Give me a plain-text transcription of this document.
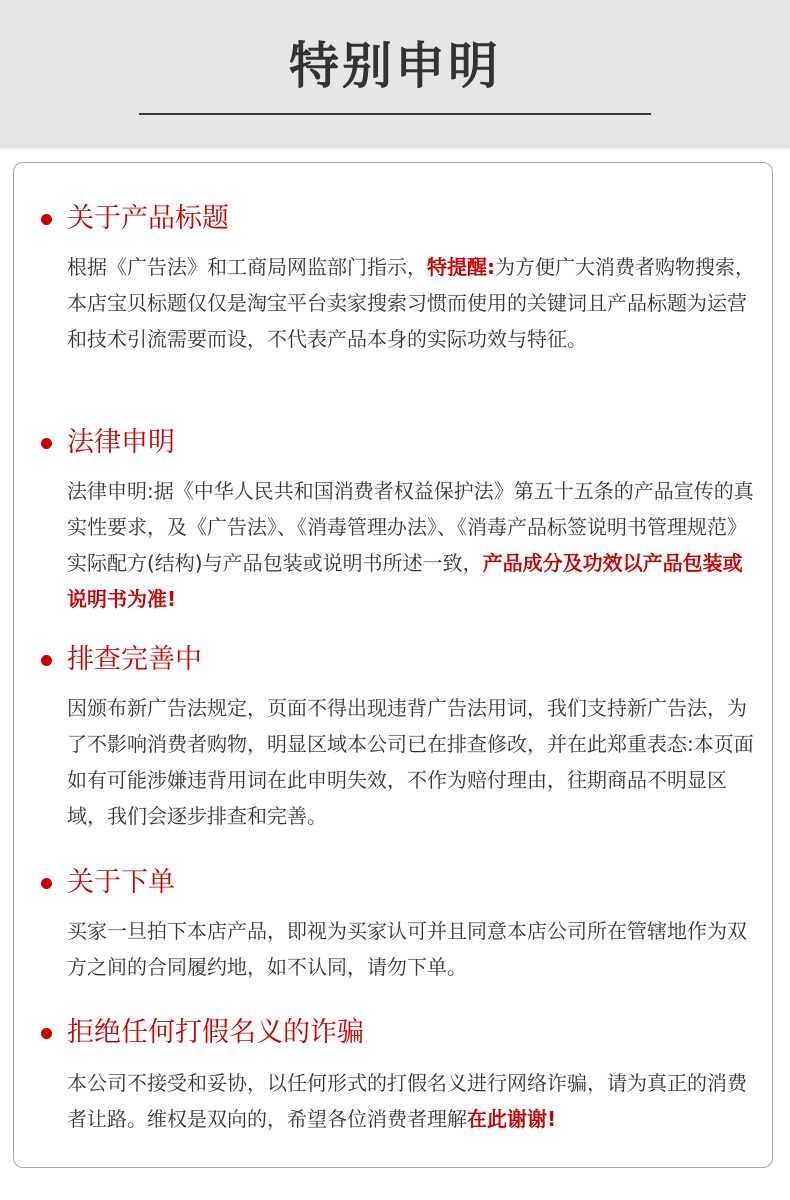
特别申明
关于产品标题
根据《广告法》和工商局网监部门指示，特提醒:为方便广大消费者购物搜索，本店宝贝标题仅仅是淘宝平台卖家搜索习惯而使用的关键词且产品标题为运营和技术引流需要而设，不代表产品本身的实际功效与特征。
法律申明
法律申明:据《中华人民共和国消费者权益保护法》第五十五条的产品宣传的真实性要求，及《广告法》、《消毒管理办法》、《消毒产品标签说明书管理规范》实际配方(结构)与产品包装或说明书所述一致，产品成分及功效以产品包装或说明书为准!
排查完善中
因颁布新广告法规定，页面不得出现违背广告法用词，我们支持新广告法，为了不影响消费者购物，明显区域本公司已在排查修改，并在此郑重表态:本页面如有可能涉嫌违背用词在此申明失效，不作为赔付理由，往期商品不明显区域，我们会逐步排查和完善。
关于下单
买家一旦拍下本店产品，即视为买家认可并且同意本店公司所在管辖地作为双方之间的合同履约地，如不认同，请勿下单。
拒绝任何打假名义的诈骗
本公司不接受和妥协，以任何形式的打假名义进行网络诈骗，请为真正的消费者让路。维权是双向的，希望各位消费者理解在此谢谢!
